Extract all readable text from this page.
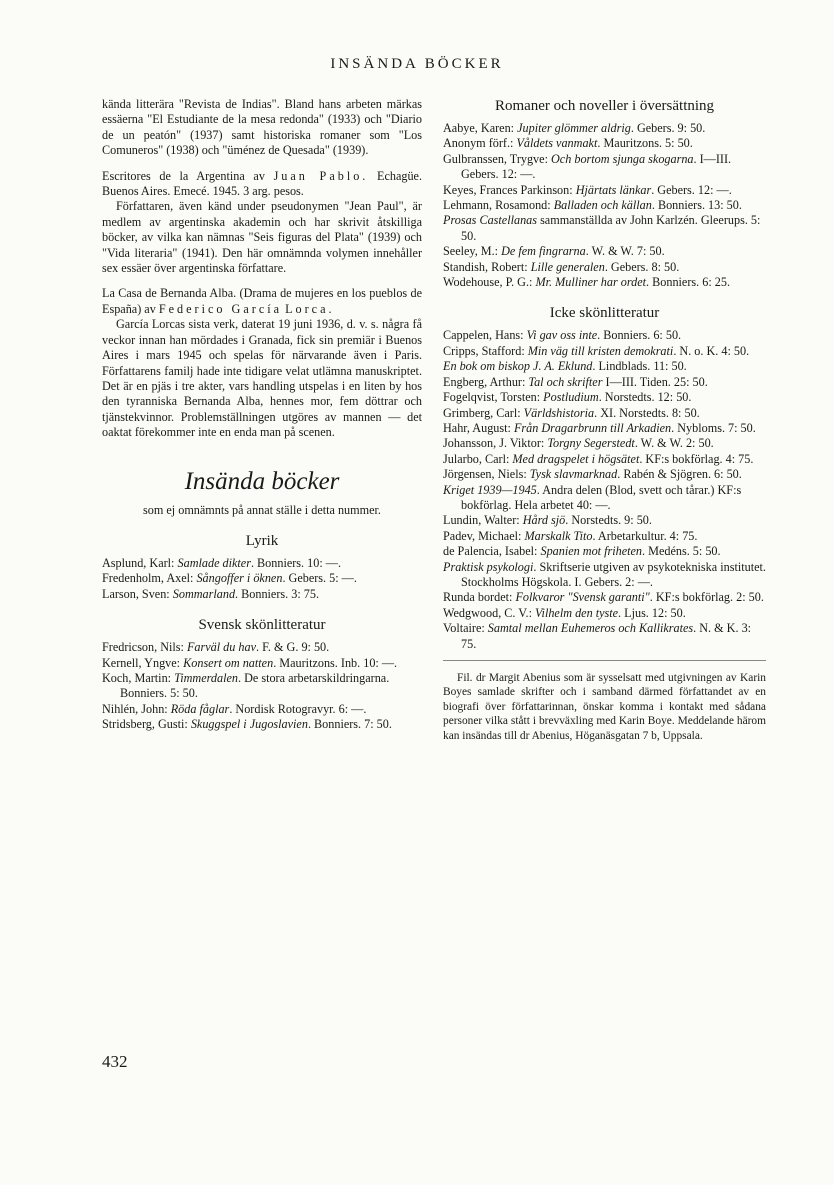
INSÄNDA BÖCKER

kända litterära "Revista de Indias". Bland hans arbeten märkas essäerna "El Estudiante de la mesa redonda" (1933) och "Diario de un peatón" (1937) samt historiska romaner som "Los Comuneros" (1938) och "üménez de Quesada" (1939).

Escritores de la Argentina av Juan Pablo. Echagüe. Buenos Aires. Emecé. 1945. 3 arg. pesos.

Författaren, även känd under pseudonymen "Jean Paul", är medlem av argentinska akademin och har skrivit åtskilliga böcker, av vilka kan nämnas "Seis figuras del Plata" (1939) och "Vida literaria" (1941). Den här omnämnda volymen innehåller sex essäer över argentinska författare.

La Casa de Bernanda Alba. (Drama de mujeres en los pueblos de España) av Federico García Lorca.

García Lorcas sista verk, daterat 19 juni 1936, d. v. s. några få veckor innan han mördades i Granada, fick sin premiär i Buenos Aires i mars 1945 och spelas för närvarande även i Paris. Författarens familj hade inte tidigare velat utlämna manuskriptet. Det är en pjäs i tre akter, vars handling utspelas i en liten by hos den tyranniska Bernanda Alba, hennes mor, fem döttrar och tjänstekvinnor. Problemställningen utgöres av mannen — det oaktat förekommer inte en enda man på scenen.

Insända böcker

som ej omnämnts på annat ställe i detta nummer.

Lyrik

Asplund, Karl: Samlade dikter. Bonniers. 10: —.

Fredenholm, Axel: Sångoffer i öknen. Gebers. 5: —.

Larson, Sven: Sommarland. Bonniers. 3: 75.

Svensk skönlitteratur

Fredricson, Nils: Farväl du hav. F. & G. 9: 50.

Kernell, Yngve: Konsert om natten. Mauritzons. Inb. 10: —.

Koch, Martin: Timmerdalen. De stora arbetarskildringarna. Bonniers. 5: 50.

Nihlén, John: Röda fåglar. Nordisk Rotogravyr. 6: —.

Stridsberg, Gusti: Skuggspel i Jugoslavien. Bonniers. 7: 50.

Romaner och noveller i översättning

Aabye, Karen: Jupiter glömmer aldrig. Gebers. 9: 50.

Anonym förf.: Våldets vanmakt. Mauritzons. 5: 50.

Gulbranssen, Trygve: Och bortom sjunga skogarna. I—III. Gebers. 12: —.

Keyes, Frances Parkinson: Hjärtats länkar. Gebers. 12: —.

Lehmann, Rosamond: Balladen och källan. Bonniers. 13: 50.

Prosas Castellanas sammanställda av John Karlzén. Gleerups. 5: 50.

Seeley, M.: De fem fingrarna. W. & W. 7: 50.

Standish, Robert: Lille generalen. Gebers. 8: 50.

Wodehouse, P. G.: Mr. Mulliner har ordet. Bonniers. 6: 25.

Icke skönlitteratur

Cappelen, Hans: Vi gav oss inte. Bonniers. 6: 50.

Cripps, Stafford: Min väg till kristen demokrati. N. o. K. 4: 50.

En bok om biskop J. A. Eklund. Lindblads. 11: 50.

Engberg, Arthur: Tal och skrifter I—III. Tiden. 25: 50.

Fogelqvist, Torsten: Postludium. Norstedts. 12: 50.

Grimberg, Carl: Världshistoria. XI. Norstedts. 8: 50.

Hahr, August: Från Dragarbrunn till Arkadien. Nybloms. 7: 50.

Johansson, J. Viktor: Torgny Segerstedt. W. & W. 2: 50.

Jularbo, Carl: Med dragspelet i högsätet. KF:s bokförlag. 4: 75.

Jörgensen, Niels: Tysk slavmarknad. Rabén & Sjögren. 6: 50.

Kriget 1939—1945. Andra delen (Blod, svett och tårar.) KF:s bokförlag. Hela arbetet 40: —.

Lundin, Walter: Hård sjö. Norstedts. 9: 50.

Padev, Michael: Marskalk Tito. Arbetarkultur. 4: 75.

de Palencia, Isabel: Spanien mot friheten. Medéns. 5: 50.

Praktisk psykologi. Skriftserie utgiven av psykotekniska institutet. Stockholms Högskola. I. Gebers. 2: —.

Runda bordet: Folkvaror "Svensk garanti". KF:s bokförlag. 2: 50.

Wedgwood, C. V.: Vilhelm den tyste. Ljus. 12: 50.

Voltaire: Samtal mellan Euhemeros och Kallikrates. N. & K. 3: 75.

Fil. dr Margit Abenius som är sysselsatt med utgivningen av Karin Boyes samlade skrifter och i samband därmed författandet av en biografi över författarinnan, önskar komma i kontakt med sådana personer vilka stått i brevväxling med Karin Boye. Meddelande härom kan insändas till dr Abenius, Höganäsgatan 7 b, Uppsala.

432
